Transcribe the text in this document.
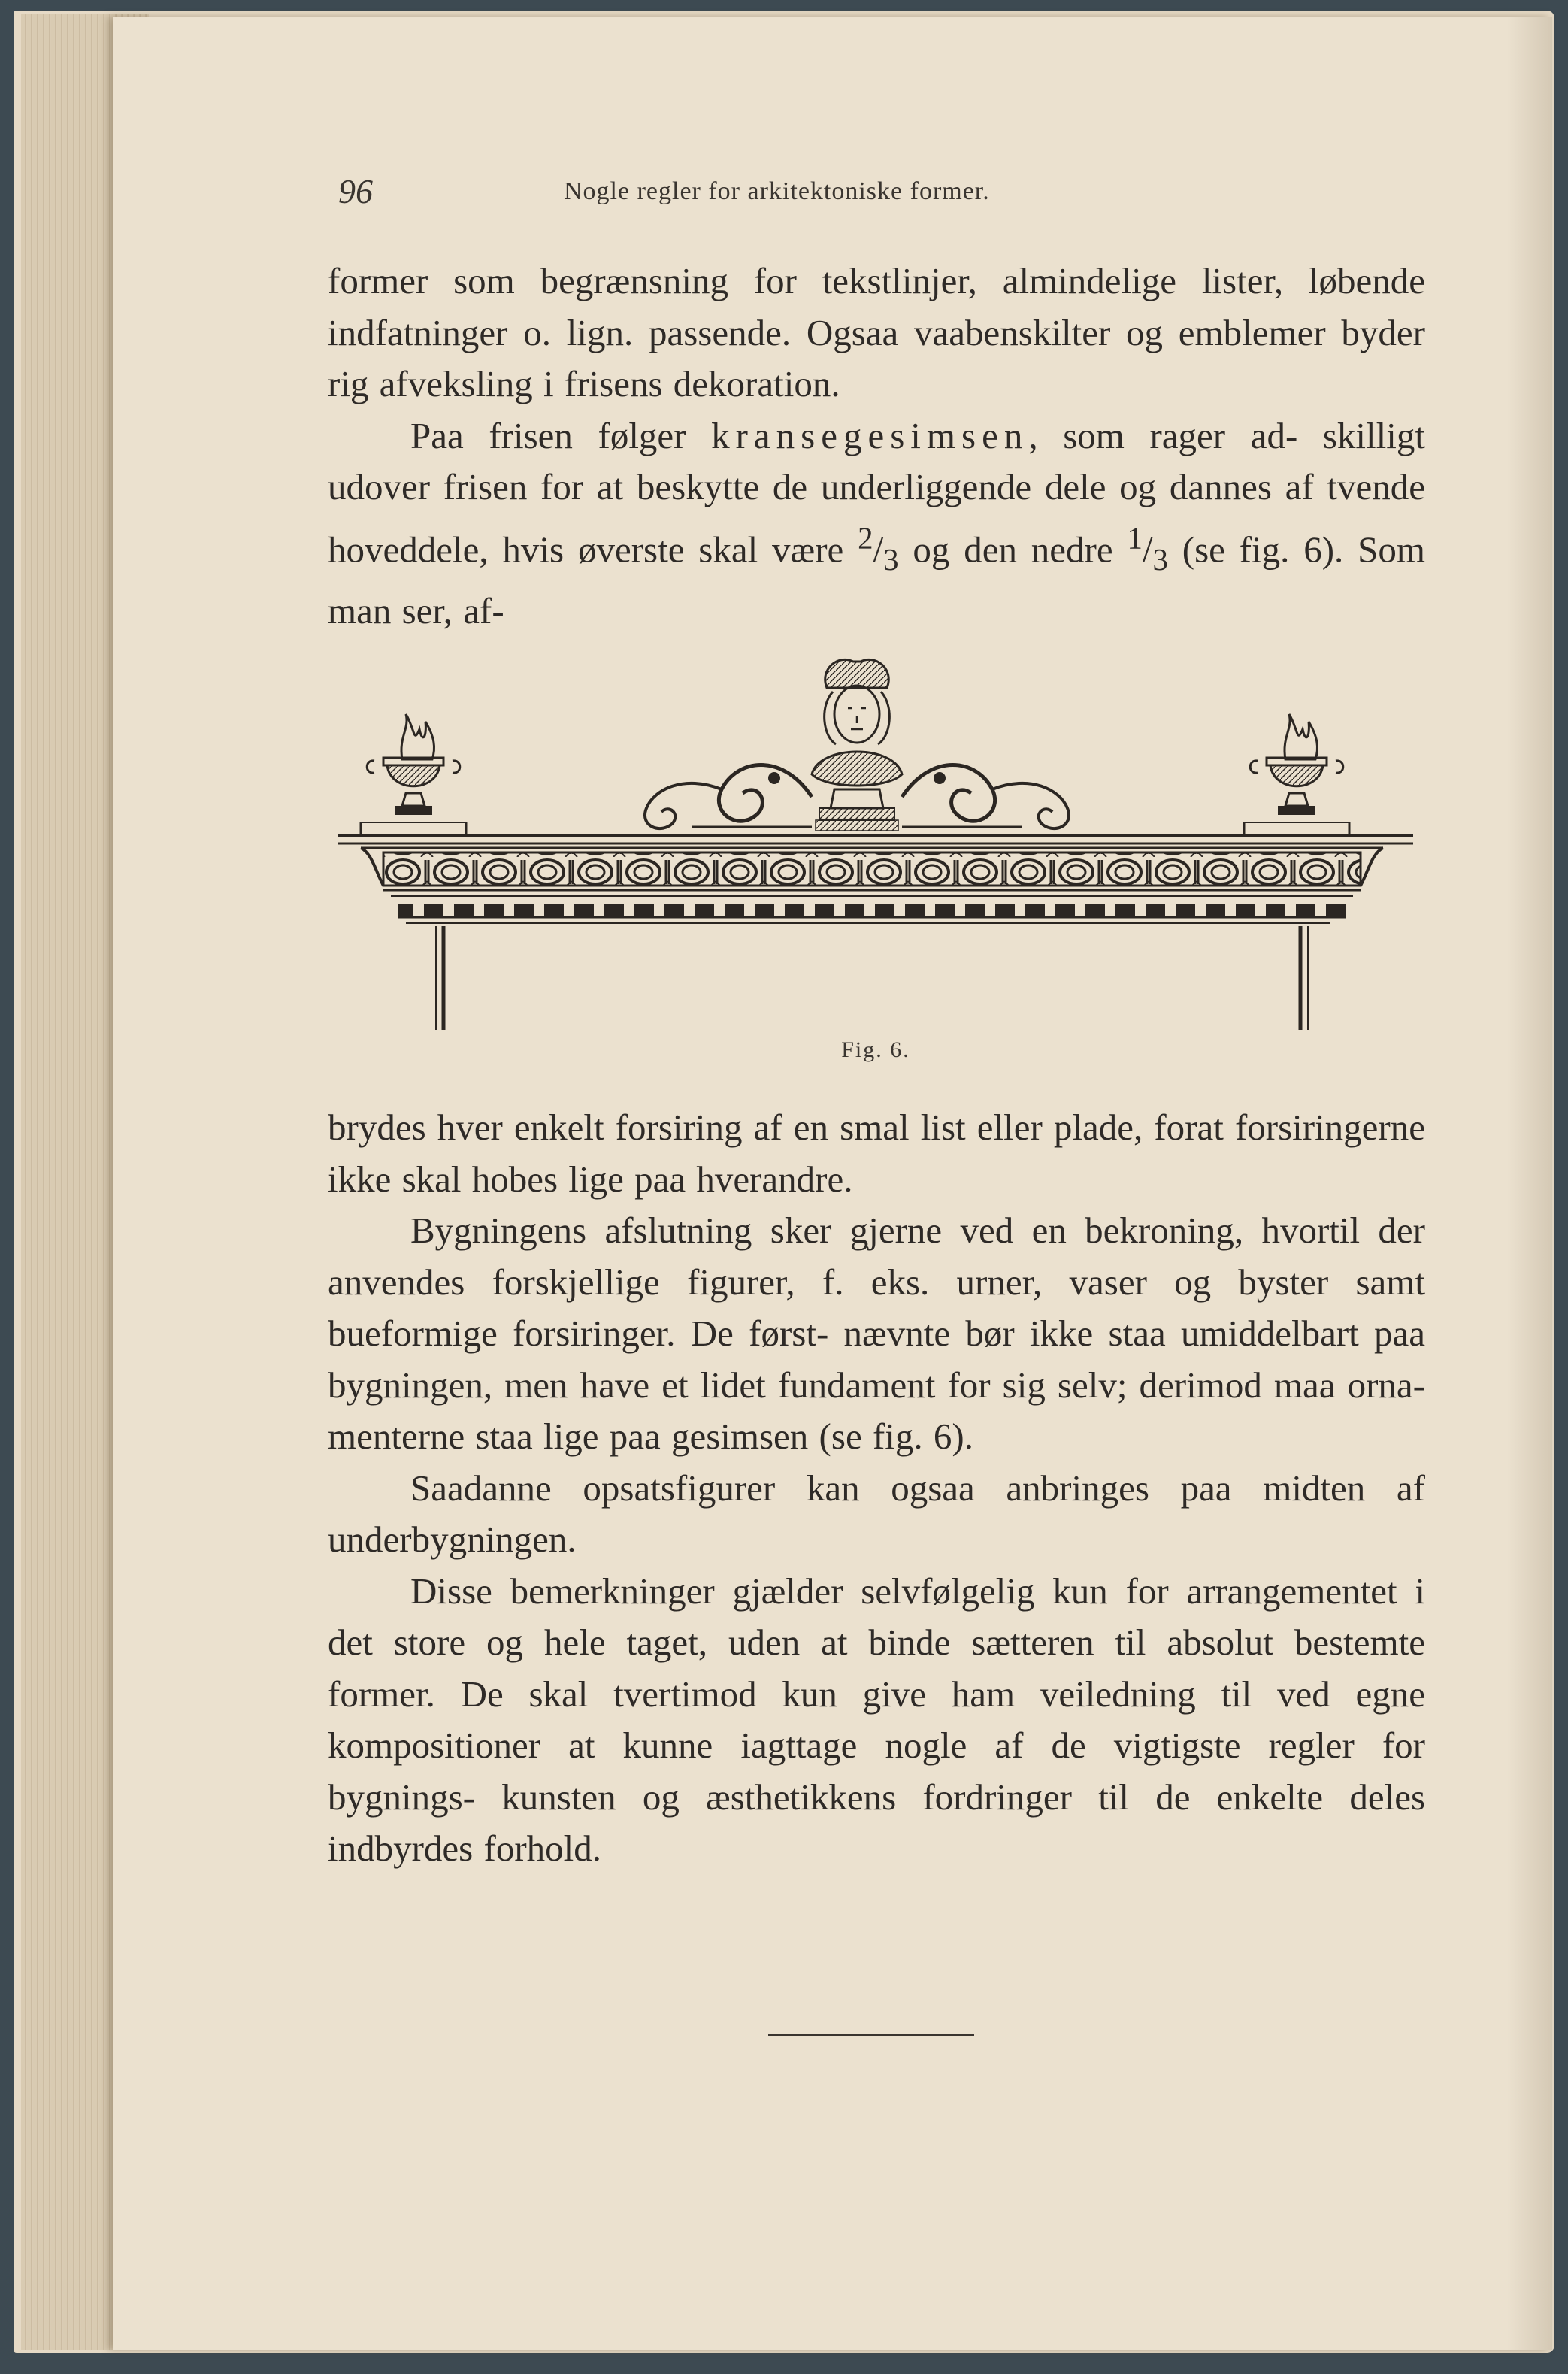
96	Nogle regler for arkitektoniske former.

former som begrænsning for tekstlinjer, almindelige lister, løbende indfatninger o. lign. passende. Ogsaa vaabenskilter og emblemer byder rig afveksling i frisens dekoration.

Paa frisen følger kransegesimsen, som rager ad- skilligt udover frisen for at beskytte de underliggende dele og dannes af tvende hoveddele, hvis øverste skal være $^2/_3$ og den nedre $^1/_3$ (se fig. 6). Som man ser, af-

Fig. 6.

brydes hver enkelt forsiring af en smal list eller plade, forat forsiringerne ikke skal hobes lige paa hverandre.

Bygningens afslutning sker gjerne ved en bekroning, hvortil der anvendes forskjellige figurer, f. eks. urner, vaser og byster samt bueformige forsiringer. De først- nævnte bør ikke staa umiddelbart paa bygningen, men have et lidet fundament for sig selv; derimod maa orna- menterne staa lige paa gesimsen (se fig. 6).

Saadanne opsatsfigurer kan ogsaa anbringes paa midten af underbygningen.

Disse bemerkninger gjælder selvfølgelig kun for arrangementet i det store og hele taget, uden at binde sætteren til absolut bestemte former. De skal tvertimod kun give ham veiledning til ved egne kompositioner at kunne iagttage nogle af de vigtigste regler for bygnings- kunsten og æsthetikkens fordringer til de enkelte deles indbyrdes forhold.
